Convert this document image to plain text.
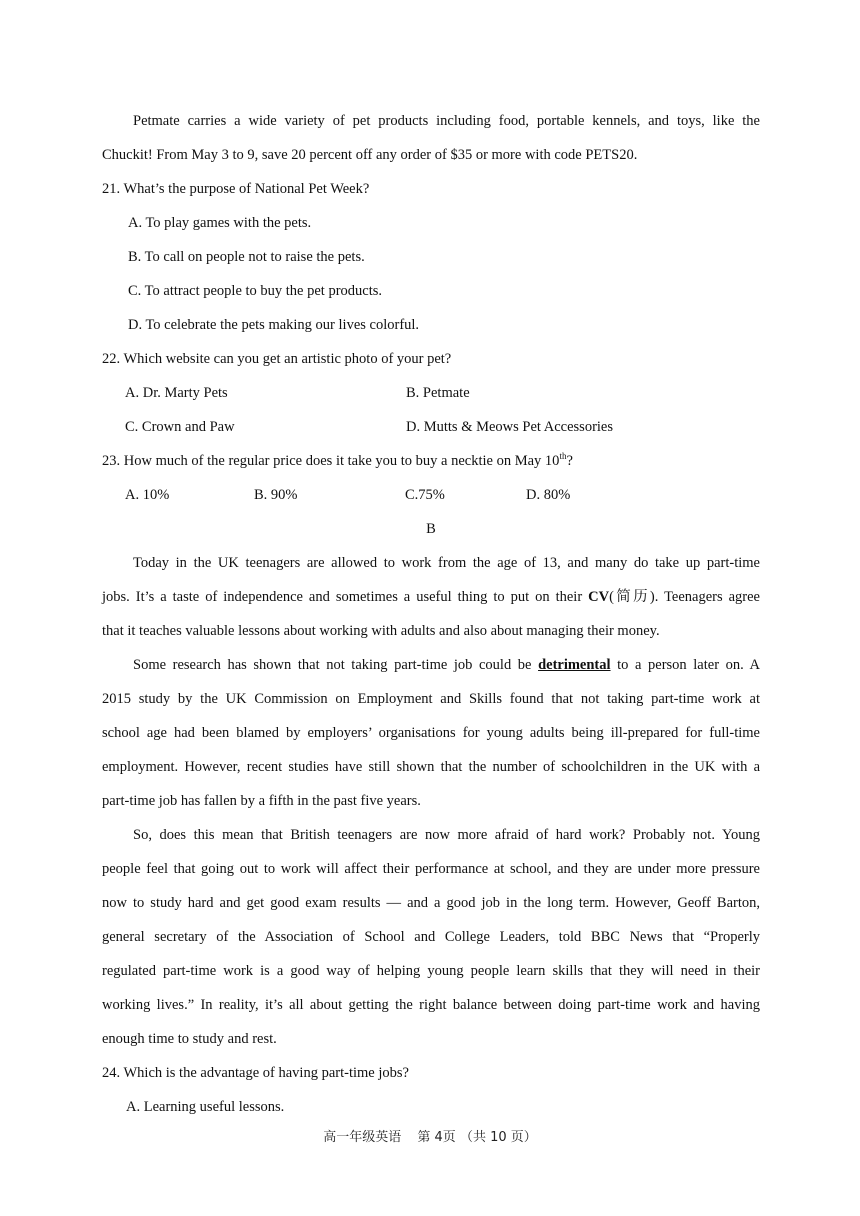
Petmate carries a wide variety of pet products including food, portable kennels, and toys, like the
Chuckit! From May 3 to 9, save 20 percent off any order of $35 or more with code PETS20.
21. What’s the purpose of National Pet Week?
A. To play games with the pets.
B. To call on people not to raise the pets.
C. To attract people to buy the pet products.
D. To celebrate the pets making our lives colorful.
22. Which website can you get an artistic photo of your pet?
A. Dr. Marty Pets	B. Petmate
C. Crown and Paw	D. Mutts & Meows Pet Accessories
23. How much of the regular price does it take you to buy a necktie on May 10th?
A. 10%	B. 90%	C.75%	D. 80%
B
Today in the UK teenagers are allowed to work from the age of 13, and many do take up part-time
jobs. It’s a taste of independence and sometimes a useful thing to put on their CV(简历). Teenagers agree
that it teaches valuable lessons about working with adults and also about managing their money.
Some research has shown that not taking part-time job could be detrimental to a person later on. A
2015 study by the UK Commission on Employment and Skills found that not taking part-time work at
school age had been blamed by employers’ organisations for young adults being ill-prepared for full-time
employment. However, recent studies have still shown that the number of schoolchildren in the UK with a
part-time job has fallen by a fifth in the past five years.
So, does this mean that British teenagers are now more afraid of hard work? Probably not. Young
people feel that going out to work will affect their performance at school, and they are under more pressure
now to study hard and get good exam results — and a good job in the long term. However, Geoff Barton,
general secretary of the Association of School and College Leaders, told BBC News that “Properly
regulated part-time work is a good way of helping young people learn skills that they will need in their
working lives.” In reality, it’s all about getting the right balance between doing part-time work and having
enough time to study and rest.
24. Which is the advantage of having part-time jobs?
A. Learning useful lessons.
高一年级英语 第 4页 （共 10 页）
